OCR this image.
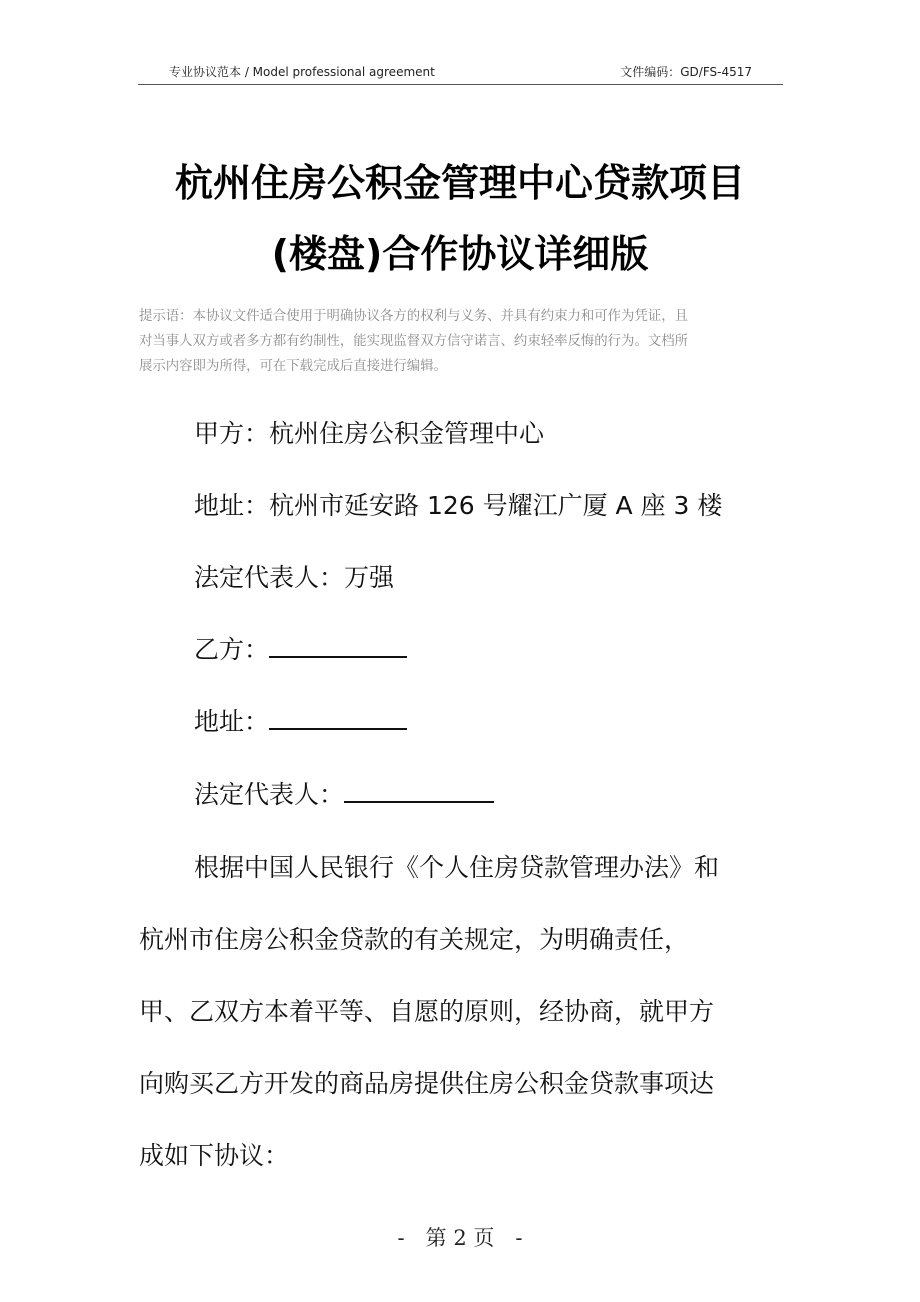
专业协议范本 / Model professional agreement	文件编码：GD/FS-4517
杭州住房公积金管理中心贷款项目
(楼盘)合作协议详细版

提示语：本协议文件适合使用于明确协议各方的权利与义务、并具有约束力和可作为凭证，且

对当事人双方或者多方都有约制性，能实现监督双方信守诺言、约束轻率反悔的行为。文档所

展示内容即为所得，可在下载完成后直接进行编辑。

甲方：杭州住房公积金管理中心
地址：杭州市延安路 126 号耀江广厦 A 座 3 楼
法定代表人：万强
乙方：
地址：
法定代表人：
根据中国人民银行《个人住房贷款管理办法》和
杭州市住房公积金贷款的有关规定，为明确责任，
甲、乙双方本着平等、自愿的原则，经协商，就甲方
向购买乙方开发的商品房提供住房公积金贷款事项达
成如下协议：
-　第 2 页　-
